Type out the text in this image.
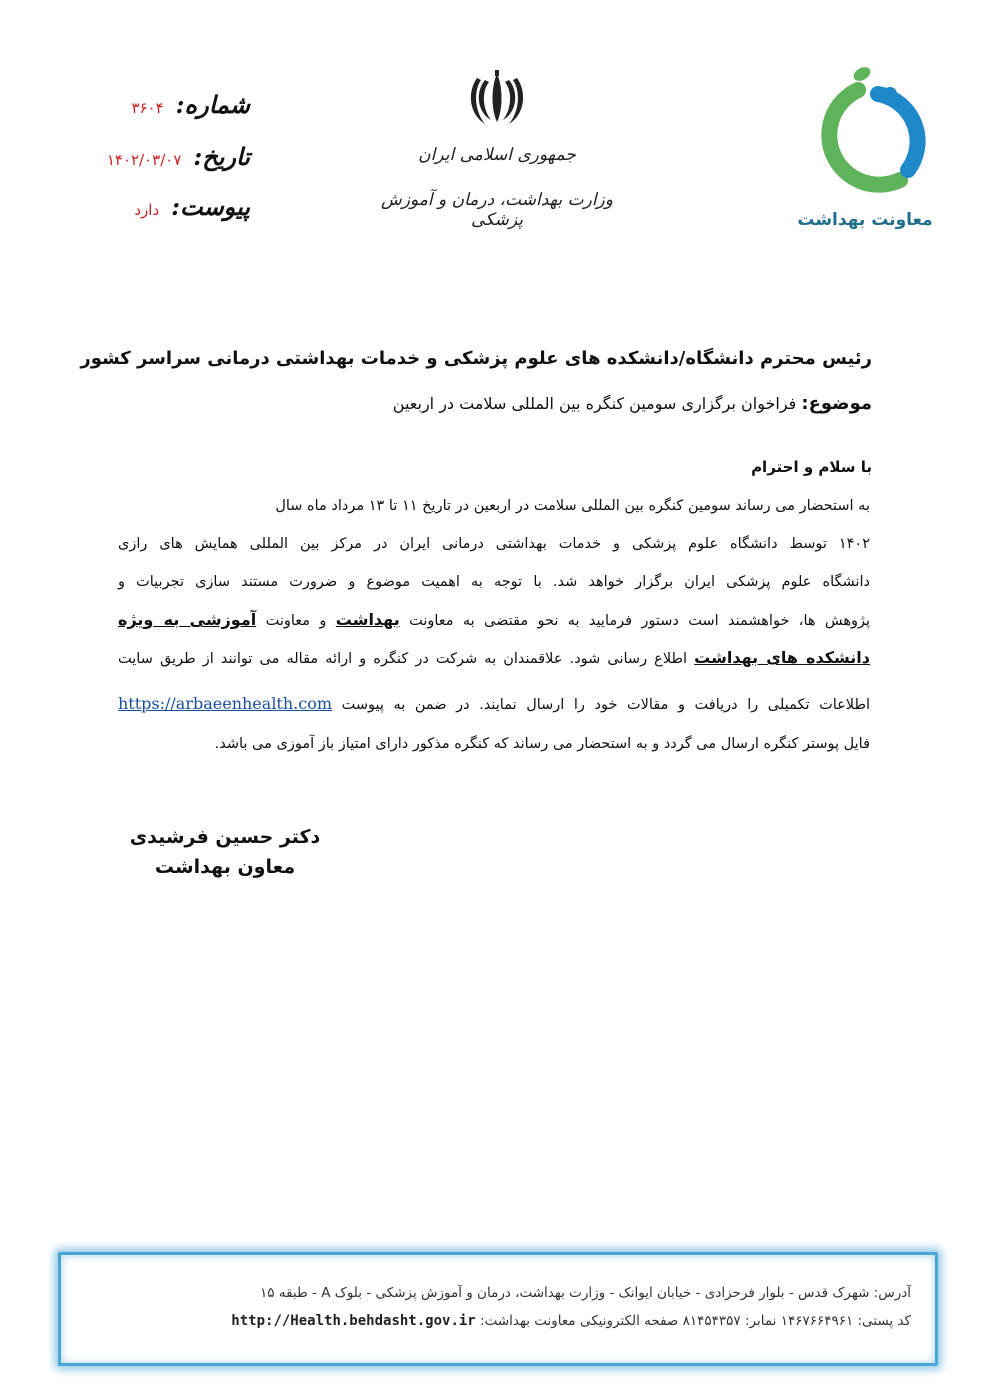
معاونت بهداشت
جمهوری اسلامی ایران
وزارت بهداشت، درمان و آموزش پزشکی
شماره:
۳۶۰۴
تاریخ:
۱۴۰۲/۰۳/۰۷
پیوست:
دارد
رئیس محترم دانشگاه/دانشکده های علوم پزشکی و خدمات بهداشتی درمانی سراسر کشور
موضوع: فراخوان برگزاری سومین کنگره بین المللی سلامت در اربعین
با سلام و احترام
به استحضار می رساند سومین کنگره بین المللی سلامت در اربعین در تاریخ ۱۱ تا ۱۳ مرداد ماه سال
۱۴۰۲ توسط دانشگاه علوم پزشکی و خدمات بهداشتی درمانی ایران در مرکز بین المللی همایش های رازی
دانشگاه علوم پزشکی ایران برگزار خواهد شد. با توجه به اهمیت موضوع و ضرورت مستند سازی تجربیات و
پژوهش ها، خواهشمند است دستور فرمایید به نحو مقتضی به معاونت بهداشت و معاونت آموزشی به ویژه
دانشکده های بهداشت اطلاع رسانی شود. علاقمندان به شرکت در کنگره و ارائه مقاله می توانند از طریق سایت
اطلاعات تکمیلی را دریافت و مقالات خود را ارسال نمایند. در ضمن به پیوست https://arbaeenhealth.com
فایل پوستر کنگره ارسال می گردد و به استحضار می رساند که کنگره مذکور دارای امتیاز باز آموزی می باشد.
دکتر حسین فرشیدی
معاون بهداشت
آدرس: شهرک قدس - بلوار فرحزادی - خیابان ایوانک - وزارت بهداشت، درمان و آموزش پزشکی - بلوک A - طبقه ۱۵
کد پستی: ۱۴۶۷۶۶۴۹۶۱ نمابر: ۸۱۴۵۴۳۵۷ صفحه الکترونیکی معاونت بهداشت: http://Health.behdasht.gov.ir
